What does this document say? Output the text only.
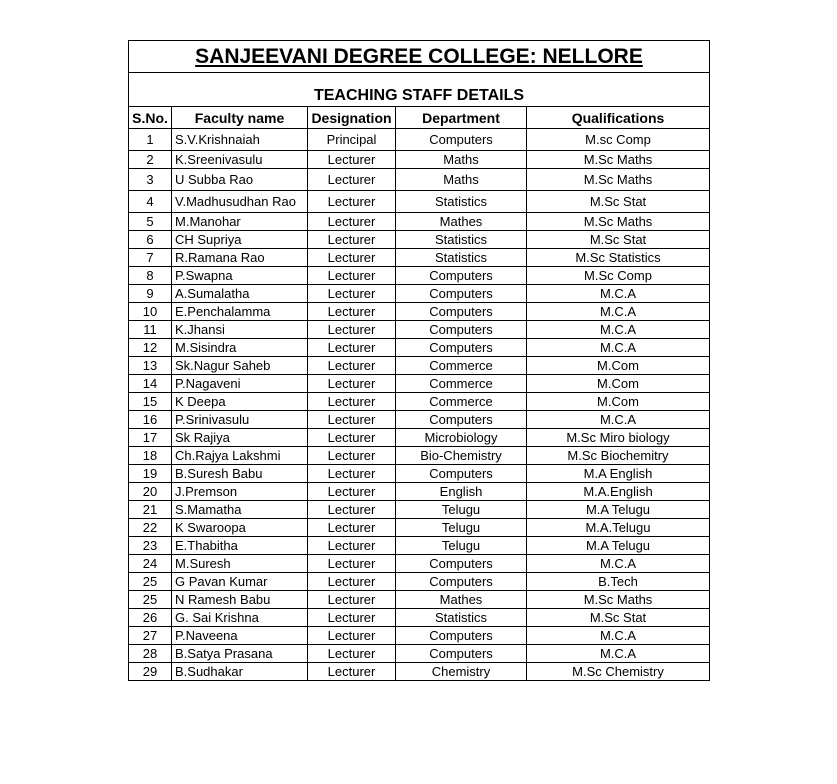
SANJEEVANI DEGREE COLLEGE: NELLORE				
TEACHING STAFF DETAILS				
S.No.	Faculty name	Designation	Department	Qualifications
1	S.V.Krishnaiah	Principal	Computers	M.sc Comp
2	K.Sreenivasulu	Lecturer	Maths	M.Sc Maths
3	U Subba Rao	Lecturer	Maths	M.Sc Maths
4	V.Madhusudhan Rao	Lecturer	Statistics	M.Sc Stat
5	M.Manohar	Lecturer	Mathes	M.Sc Maths
6	CH Supriya	Lecturer	Statistics	M.Sc Stat
7	R.Ramana Rao	Lecturer	Statistics	M.Sc Statistics
8	P.Swapna	Lecturer	Computers	M.Sc Comp
9	A.Sumalatha	Lecturer	Computers	M.C.A
10	E.Penchalamma	Lecturer	Computers	M.C.A
11	K.Jhansi	Lecturer	Computers	M.C.A
12	M.Sisindra	Lecturer	Computers	M.C.A
13	Sk.Nagur Saheb	Lecturer	Commerce	M.Com
14	P.Nagaveni	Lecturer	Commerce	M.Com
15	K Deepa	Lecturer	Commerce	M.Com
16	P.Srinivasulu	Lecturer	Computers	M.C.A
17	Sk Rajiya	Lecturer	Microbiology	M.Sc Miro biology
18	Ch.Rajya Lakshmi	Lecturer	Bio-Chemistry	M.Sc Biochemitry
19	B.Suresh Babu	Lecturer	Computers	M.A English
20	J.Premson	Lecturer	English	M.A.English
21	S.Mamatha	Lecturer	Telugu	M.A Telugu
22	K Swaroopa	Lecturer	Telugu	M.A.Telugu
23	E.Thabitha	Lecturer	Telugu	M.A Telugu
24	M.Suresh	Lecturer	Computers	M.C.A
25	G Pavan Kumar	Lecturer	Computers	B.Tech
25	N Ramesh Babu	Lecturer	Mathes	M.Sc Maths
26	G. Sai Krishna	Lecturer	Statistics	M.Sc Stat
27	P.Naveena	Lecturer	Computers	M.C.A
28	B.Satya Prasana	Lecturer	Computers	M.C.A
29	B.Sudhakar	Lecturer	Chemistry	M.Sc Chemistry
